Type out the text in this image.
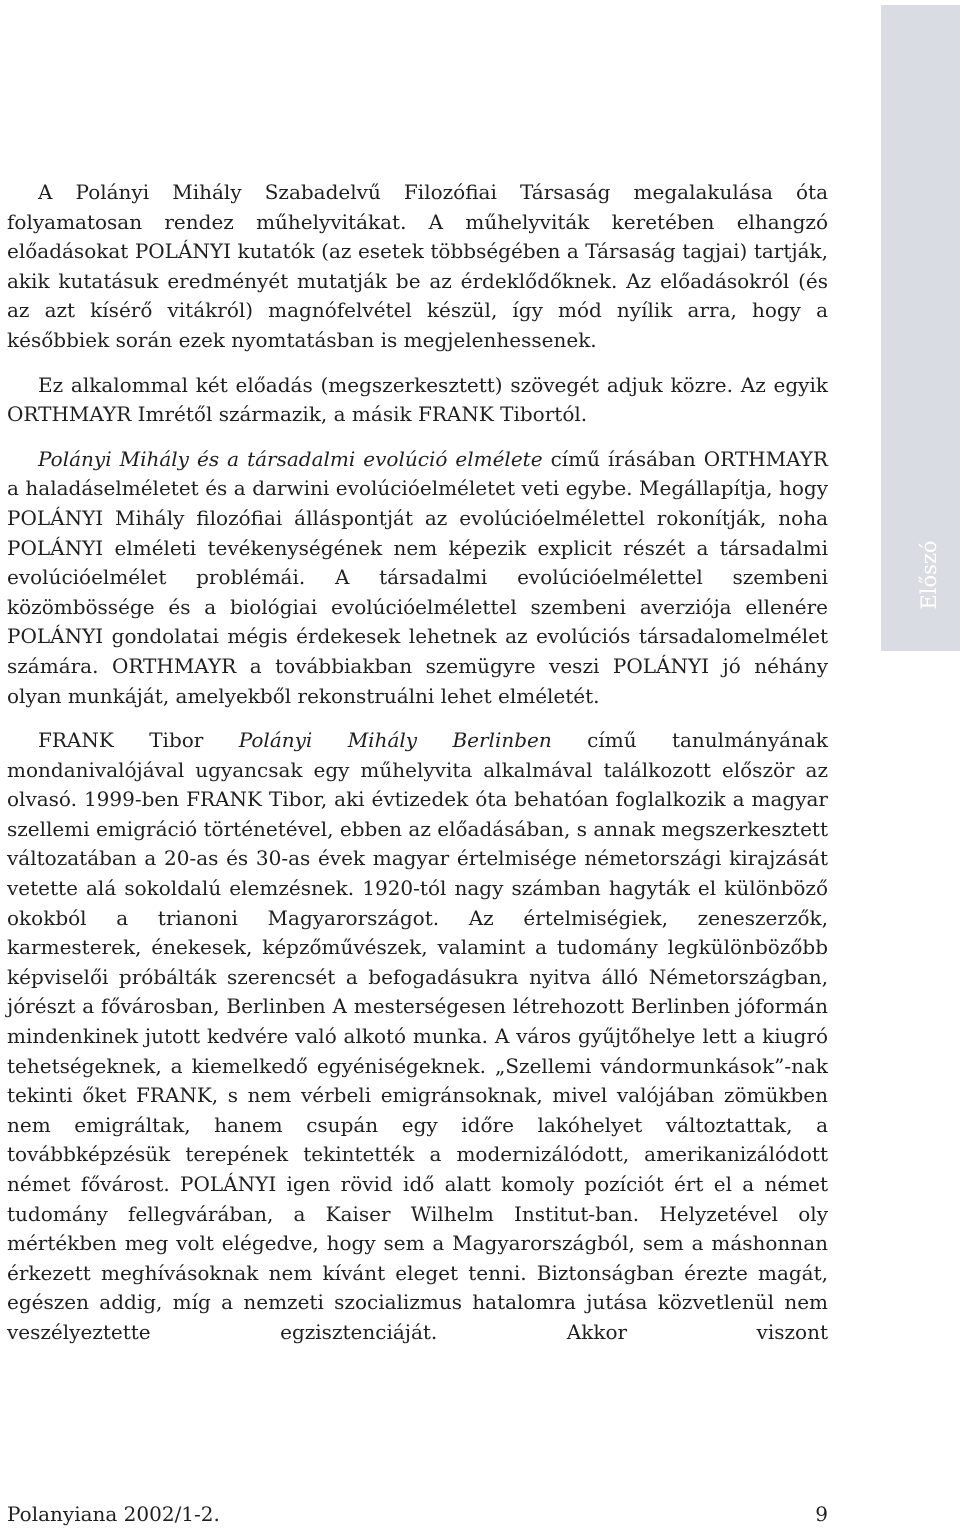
Előszó

A Polányi Mihály Szabadelvű Filozófiai Társaság megalakulása óta folyamatosan rendez műhelyvitákat. A műhelyviták keretében elhangzó előadásokat POLÁNYI kutatók (az esetek többségében a Társaság tagjai) tartják, akik kutatásuk eredményét mutatják be az érdeklődőknek. Az előadásokról (és az azt kísérő vitákról) magnófelvétel készül, így mód nyílik arra, hogy a későbbiek során ezek nyomtatásban is megjelenhessenek.

Ez alkalommal két előadás (megszerkesztett) szövegét adjuk közre. Az egyik ORTHMAYR Imrétől származik, a másik FRANK Tibortól.

Polányi Mihály és a társadalmi evolúció elmélete című írásában ORTHMAYR a haladáselméletet és a darwini evolúcióelméletet veti egybe. Megállapítja, hogy POLÁNYI Mihály filozófiai álláspontját az evolúcióelmélettel rokonítják, noha POLÁNYI elméleti tevékenységének nem képezik explicit részét a társadalmi evolúcióelmélet problémái. A társadalmi evolúcióelmélettel szembeni közömbössége és a biológiai evolúcióelmélettel szembeni averziója ellenére POLÁNYI gondolatai mégis érdekesek lehetnek az evolúciós társadalomelmélet számára. ORTHMAYR a továbbiakban szemügyre veszi POLÁNYI jó néhány olyan munkáját, amelyekből rekonstruálni lehet elméletét.

FRANK Tibor Polányi Mihály Berlinben című tanulmányának mondanivalójával ugyancsak egy műhelyvita alkalmával találkozott először az olvasó. 1999-ben FRANK Tibor, aki évtizedek óta behatóan foglalkozik a magyar szellemi emigráció történetével, ebben az előadásában, s annak megszerkesztett változatában a 20-as és 30-as évek magyar értelmisége németországi kirajzását vetette alá sokoldalú elemzésnek. 1920-tól nagy számban hagyták el különböző okokból a trianoni Magyarországot. Az értelmiségiek, zeneszerzők, karmesterek, énekesek, képzőművészek, valamint a tudomány legkülönbözőbb képviselői próbálták szerencsét a befogadásukra nyitva álló Németországban, jórészt a fővárosban, Berlinben A mesterségesen létrehozott Berlinben jóformán mindenkinek jutott kedvére való alkotó munka. A város gyűjtőhelye lett a kiugró tehetségeknek, a kiemelkedő egyéniségeknek. „Szellemi vándormunkások”-nak tekinti őket FRANK, s nem vérbeli emigránsoknak, mivel valójában zömükben nem emigráltak, hanem csupán egy időre lakóhelyet változtattak, a továbbképzésük terepének tekintették a modernizálódott, amerikanizálódott német fővárost. POLÁNYI igen rövid idő alatt komoly pozíciót ért el a német tudomány fellegvárában, a Kaiser Wilhelm Institut-ban. Helyzetével oly mértékben meg volt elégedve, hogy sem a Magyarországból, sem a máshonnan érkezett meghívásoknak nem kívánt eleget tenni. Biztonságban érezte magát, egészen addig, míg a nemzeti szocializmus hatalomra jutása közvetlenül nem veszélyeztette egzisztenciáját. Akkor viszont

Polanyiana 2002/1-2.	9
